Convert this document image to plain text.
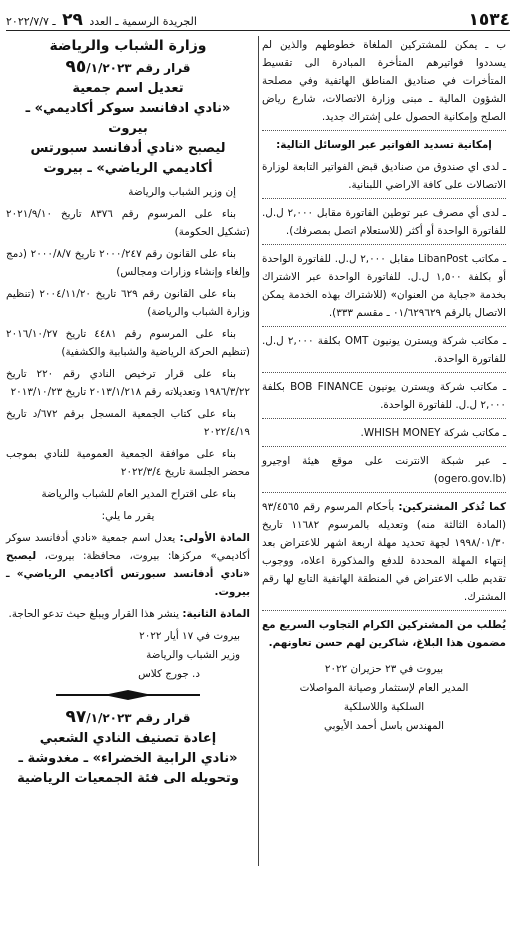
١٥٣٤
الجريدة الرسمية ـ العدد ٢٩ ـ ٢٠٢٢/٧/٧

ب ـ يمكن للمشتركين الملغاة خطوطهم والذين لم يسددوا فواتيرهم المتأخرة المبادرة الى تقسيط المتأخرات في صناديق المناطق الهاتفية وفي مصلحة الشؤون المالية ـ مبنى وزارة الاتصالات، شارع رياض الصلح وإمكانية الحصول على إشتراك جديد.

إمكانية تسديد الفواتير عبر الوسائل التالية:

ـ لدى اي صندوق من صناديق قبض الفواتير التابعة لوزارة الاتصالات على كافة الاراضي اللبنانية.

ـ لدى أي مصرف عبر توطين الفاتورة مقابل ٢,٠٠٠ ل.ل. للفاتورة الواحدة أو أكثر (للاستعلام اتصل بمصرفك).

ـ مكاتب LibanPost مقابل ٢,٠٠٠ ل.ل. للفاتورة الواحدة أو بكلفة ١,٥٠٠ ل.ل. للفاتورة الواحدة عبر الاشتراك بخدمة «جباية من العنوان» (للاشتراك بهذه الخدمة يمكن الاتصال بالرقم ٠١/٦٢٩٦٢٩ ـ مقسم ٣٣٣).

ـ مكاتب شركة ويسترن يونيون OMT بكلفة ٢,٠٠٠ ل.ل. للفاتورة الواحدة.

ـ مكاتب شركة ويسترن يونيون BOB FINANCE بكلفة ٢,٠٠٠ ل.ل. للفاتورة الواحدة.

ـ مكاتب شركة WHISH MONEY.

ـ عبر شبكة الانترنت على موقع هيئة اوجيرو (ogero.gov.lb)

كما تُذكر المشتركين: بأحكام المرسوم رقم ٩٣/٤٥٦٥ (المادة الثالثة منه) وتعديله بالمرسوم ١١٦٨٢ تاريخ ١٩٩٨/٠١/٣٠ لجهة تحديد مهلة اربعة اشهر للاعتراض بعد إنتهاء المهلة المحددة للدفع والمذكورة اعلاه، ووجوب تقديم طلب الاعتراض في المنطقة الهاتفية التابع لها رقم المشترك.

يُطلب من المشتركين الكرام التجاوب السريع مع مضمون هذا البلاغ، شاكرين لهم حسن تعاونهم.

بيروت في ٢٣ حزيران ٢٠٢٢
المدير العام لإستثمار وصيانة المواصلات
السلكية واللاسلكية
المهندس باسل أحمد الأيوبي
وزارة الشباب والرياضة
قرار رقم ٩٥/١/٢٠٢٣
تعديل اسم جمعية
«نادي ادفانسد سوكر أكاديمي» ـ بيروت
ليصبح «نادي أدفانسد سبورتس أكاديمي الرياضي» ـ بيروت

إن وزير الشباب والرياضة

بناء على المرسوم رقم ٨٣٧٦ تاريخ ٢٠٢١/٩/١٠ (تشكيل الحكومة)

بناء على القانون رقم ٢٠٠٠/٢٤٧ تاريخ ٢٠٠٠/٨/٧ (دمج وإلغاء وإنشاء وزارات ومجالس)

بناء على القانون رقم ٦٢٩ تاريخ ٢٠٠٤/١١/٢٠ (تنظيم وزارة الشباب والرياضة)

بناء على المرسوم رقم ٤٤٨١ تاريخ ٢٠١٦/١٠/٢٧ (تنظيم الحركة الرياضية والشبابية والكشفية)

بناء على قرار ترخيص النادي رقم ٢٢٠ تاريخ ١٩٨٦/٣/٢٢ وتعديلاته رقم ٢٠١٣/١/٢١٨ تاريخ ٢٠١٣/١٠/٢٣

بناء على كتاب الجمعية المسجل برقم ٦٧٢/د تاريخ ٢٠٢٢/٤/١٩

بناء على موافقة الجمعية العمومية للنادي بموجب محضر الجلسة تاريخ ٢٠٢٢/٣/٤

بناء على اقتراح المدير العام للشباب والرياضة

يقرر ما يلي:

المادة الأولى: يعدل اسم جمعية «نادي أدفانسد سوكر أكاديمي» مركزها: بيروت، محافظة: بيروت، ليصبح «نادي أدفانسد سبورتس أكاديمي الرياضي» ـ بيروت.

المادة الثانية: ينشر هذا القرار ويبلغ حيث تدعو الحاجة.

بيروت في ١٧ أيار ٢٠٢٢
وزير الشباب والرياضة
د. جورج كلاس
قرار رقم ٩٧/١/٢٠٢٣
إعادة تصنيف النادي الشعبي
«نادي الرابية الخضراء» ـ مغدوشة ـ
وتحويله الى فئة الجمعيات الرياضية
